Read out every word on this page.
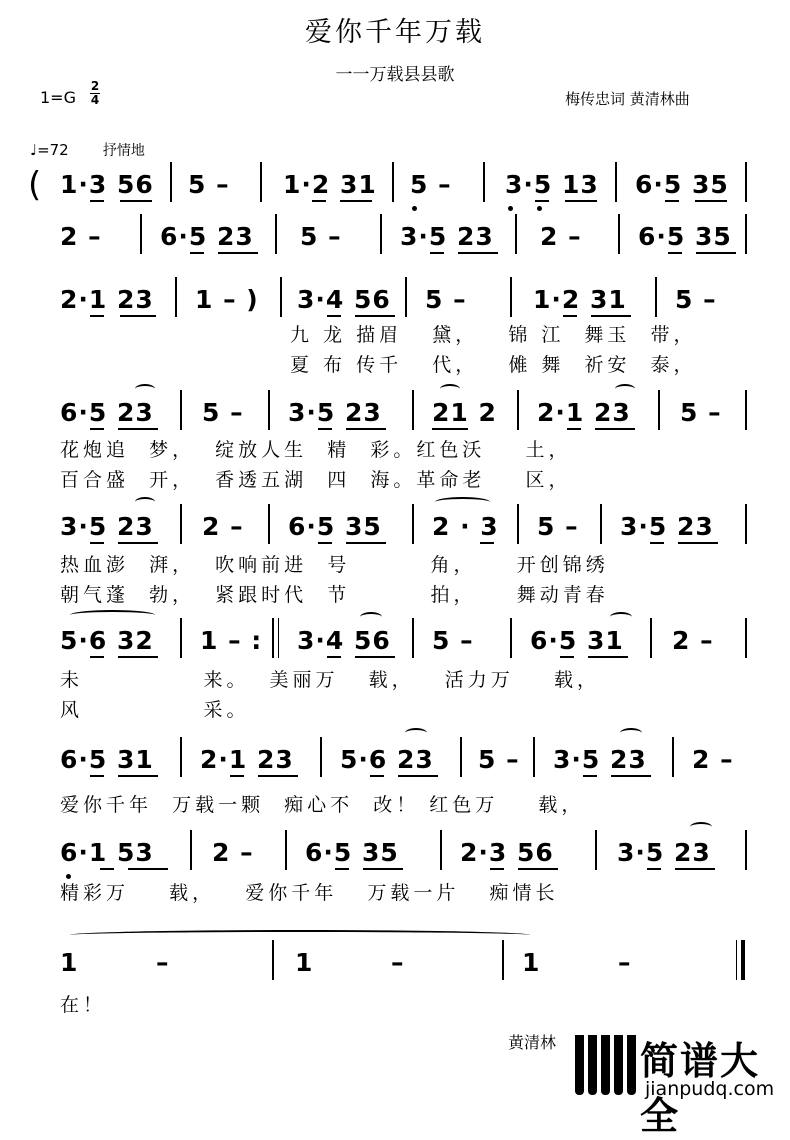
爱你千年万载
一一万载县县歌
1=G
2
4	梅传忠词 黄清林曲
♩=72 抒情地
( 1·3 56 5 – 1·2 31 5 – 3·5 13 6·5 35
2 – 6·5 23 5 – 3·5 23 2 – 6·5 35
2·1 23 1 – ) 3·4 56 5 –	1·2 31 5 –
九 龙 描眉   黛，   锦 江  舞玉  带，
夏 布 传千   代，   傩 舞  祈安  泰，
6·5 23 5 – 3·5 23 21 2 2·1 23 5 –
花炮追  梦，  绽放人生  精  彩。红色沃    土，
百合盛  开，  香透五湖  四  海。革命老    区，
3·5 23 2 – 6·5 35 2 · 3 5 – 3·5 23
热血澎  湃，  吹响前进  号        角，    开创锦绣
朝气蓬  勃，  紧跟时代  节        拍，    舞动青春
5·6 32 1 – : 3·4 56 5 – 6·5 31 2 –
未            来。  美丽万   载，   活力万    载，
风            采。
6·5 31 2·1 23 5·6 23 5 – 3·5 23 2 –
爱你千年  万载一颗  痴心不  改！ 红色万    载，
6·1 53 2 – 6·5 35 2·3 56	3·5 23
精彩万    载，   爱你千年   万载一片   痴情长
1        –	1        –	1        –
在！
黄清林 简谱大全
jianpudq.com
